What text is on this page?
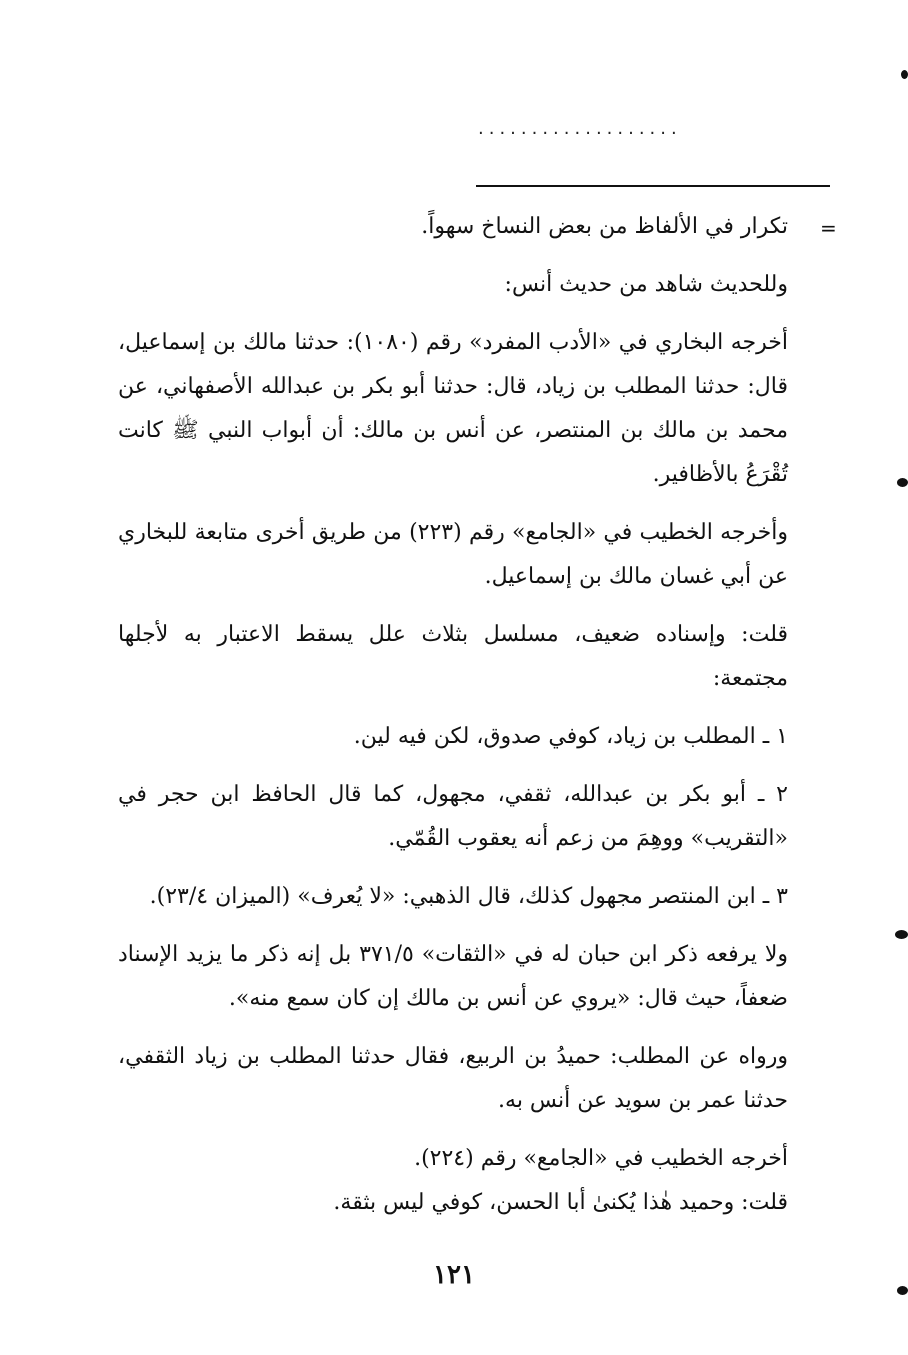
...................
=

تكرار في الألفاظ من بعض النساخ سهواً.

وللحديث شاهد من حديث أنس:

أخرجه البخاري في «الأدب المفرد» رقم (١٠٨٠): حدثنا مالك بن إسماعيل، قال: حدثنا المطلب بن زياد، قال: حدثنا أبو بكر بن عبدالله الأصفهاني، عن محمد بن مالك بن المنتصر، عن أنس بن مالك: أن أبواب النبي ﷺ كانت تُقْرَعُ بالأظافير.

وأخرجه الخطيب في «الجامع» رقم (٢٢٣) من طريق أخرى متابعة للبخاري عن أبي غسان مالك بن إسماعيل.

قلت: وإسناده ضعيف، مسلسل بثلاث علل يسقط الاعتبار به لأجلها مجتمعة:

١ ـ المطلب بن زياد، كوفي صدوق، لكن فيه لين.

٢ ـ أبو بكر بن عبدالله، ثقفي، مجهول، كما قال الحافظ ابن حجر في «التقريب» ووهِمَ من زعم أنه يعقوب القُمّي.

٣ ـ ابن المنتصر مجهول كذلك، قال الذهبي: «لا يُعرف» (الميزان ٢٣/٤).

ولا يرفعه ذكر ابن حبان له في «الثقات» ٣٧١/٥ بل إنه ذكر ما يزيد الإسناد ضعفاً، حيث قال: «يروي عن أنس بن مالك إن كان سمع منه».

ورواه عن المطلب: حميدُ بن الربيع، فقال حدثنا المطلب بن زياد الثقفي، حدثنا عمر بن سويد عن أنس به.

أخرجه الخطيب في «الجامع» رقم (٢٢٤).

قلت: وحميد هٰذا يُكنىٰ أبا الحسن، كوفي ليس بثقة.

١٢١
